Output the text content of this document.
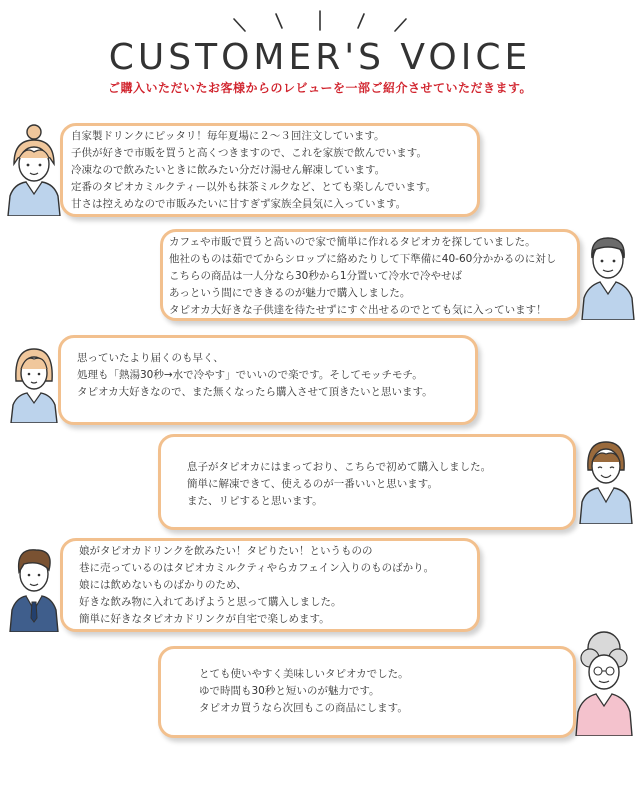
CUSTOMER'S VOICE
ご購入いただいたお客様からのレビューを一部ご紹介させていただきます。
自家製ドリンクにピッタリ！毎年夏場に２～３回注文しています。
子供が好きで市販を買うと高くつきますので、これを家族で飲んでいます。
冷凍なので飲みたいときに飲みたい分だけ湯せん解凍しています。
定番のタピオカミルクティー以外も抹茶ミルクなど、とても楽しんでいます。
甘さは控えめなので市販みたいに甘すぎず家族全員気に入っています。
カフェや市販で買うと高いので家で簡単に作れるタピオカを探していました。
他社のものは茹でてからシロップに絡めたりして下準備に40-60分かかるのに対し
こちらの商品は一人分なら30秒から1分置いて冷水で冷やせば
あっという間にでききるのが魅力で購入しました。
タピオカ大好きな子供達を待たせずにすぐ出せるのでとても気に入っています！
思っていたより届くのも早く、
処理も「熱湯30秒→水で冷やす」でいいので楽です。そしてモッチモチ。
タピオカ大好きなので、また無くなったら購入させて頂きたいと思います。
息子がタピオカにはまっており、こちらで初めて購入しました。
簡単に解凍できて、使えるのが一番いいと思います。
また、リピすると思います。
娘がタピオカドリンクを飲みたい！タピりたい！というものの
巷に売っているのはタピオカミルクティやらカフェイン入りのものばかり。
娘には飲めないものばかりのため、
好きな飲み物に入れてあげようと思って購入しました。
簡単に好きなタピオカドリンクが自宅で楽しめます。
とても使いやすく美味しいタピオカでした。
ゆで時間も30秒と短いのが魅力です。
タピオカ買うなら次回もこの商品にします。
